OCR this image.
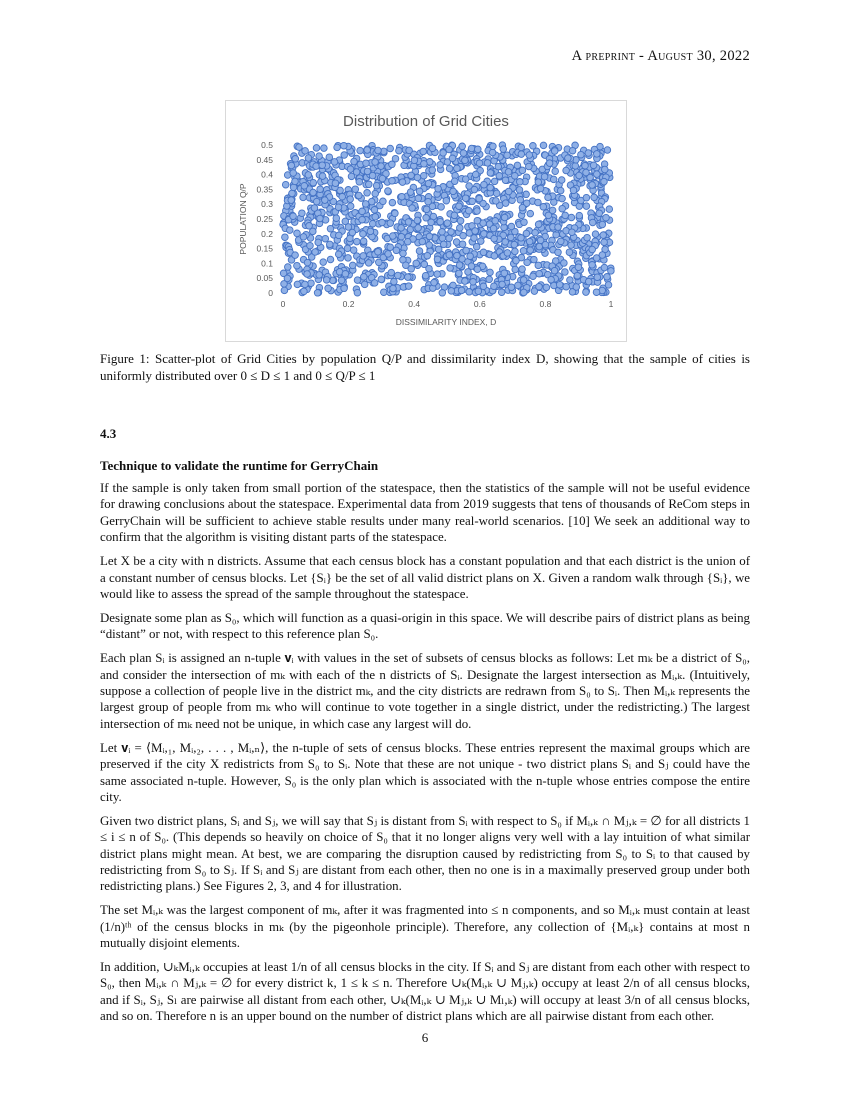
A preprint - August 30, 2022
Distribution of Grid Cities
POPULATION Q/P
DISSIMILARITY INDEX, D
0
0.05
0.1
0.15
0.2
0.25
0.3
0.35
0.4
0.45
0.5
0	0.2	0.4	0.6	0.8	1
Figure 1: Scatter-plot of Grid Cities by population Q/P and dissimilarity index D, showing that the sample of cities is uniformly distributed over 0 ≤ D ≤ 1 and 0 ≤ Q/P ≤ 1
4.3
Technique to validate the runtime for GerryChain

If the sample is only taken from small portion of the statespace, then the statistics of the sample will not be useful evidence for drawing conclusions about the statespace. Experimental data from 2019 suggests that tens of thousands of ReCom steps in GerryChain will be sufficient to achieve stable results under many real-world scenarios. [10] We seek an additional way to confirm that the algorithm is visiting distant parts of the statespace.

Let X be a city with n districts. Assume that each census block has a constant population and that each district is the union of a constant number of census blocks. Let {Sᵢ} be the set of all valid district plans on X. Given a random walk through {Sᵢ}, we would like to assess the spread of the sample throughout the statespace.

Designate some plan as S₀, which will function as a quasi-origin in this space. We will describe pairs of district plans as being “distant” or not, with respect to this reference plan S₀.

Each plan Sᵢ is assigned an n-tuple 𝐯ᵢ with values in the set of subsets of census blocks as follows: Let mₖ be a district of S₀, and consider the intersection of mₖ with each of the n districts of Sᵢ. Designate the largest intersection as Mᵢ,ₖ. (Intuitively, suppose a collection of people live in the district mₖ, and the city districts are redrawn from S₀ to Sᵢ. Then Mᵢ,ₖ represents the largest group of people from mₖ who will continue to vote together in a single district, under the redistricting.) The largest intersection of mₖ need not be unique, in which case any largest will do.

Let 𝐯ᵢ = ⟨Mᵢ,₁, Mᵢ,₂, . . . , Mᵢ,ₙ⟩, the n-tuple of sets of census blocks. These entries represent the maximal groups which are preserved if the city X redistricts from S₀ to Sᵢ. Note that these are not unique - two district plans Sᵢ and Sⱼ could have the same associated n-tuple. However, S₀ is the only plan which is associated with the n-tuple whose entries compose the entire city.

Given two district plans, Sᵢ and Sⱼ, we will say that Sⱼ is distant from Sᵢ with respect to S₀ if Mᵢ,ₖ ∩ Mⱼ,ₖ = ∅ for all districts 1 ≤ i ≤ n of S₀. (This depends so heavily on choice of S₀ that it no longer aligns very well with a lay intuition of what similar district plans might mean. At best, we are comparing the disruption caused by redistricting from S₀ to Sᵢ to that caused by redistricting from S₀ to Sⱼ. If Sᵢ and Sⱼ are distant from each other, then no one is in a maximally preserved group under both redistricting plans.) See Figures 2, 3, and 4 for illustration.

The set Mᵢ,ₖ was the largest component of mₖ, after it was fragmented into ≤ n components, and so Mᵢ,ₖ must contain at least (1/n)ᵗʰ of the census blocks in mₖ (by the pigeonhole principle). Therefore, any collection of {Mᵢ,ₖ} contains at most n mutually disjoint elements.

In addition, ∪ₖMᵢ,ₖ occupies at least 1/n of all census blocks in the city. If Sᵢ and Sⱼ are distant from each other with respect to S₀, then Mᵢ,ₖ ∩ Mⱼ,ₖ = ∅ for every district k, 1 ≤ k ≤ n. Therefore ∪ₖ(Mᵢ,ₖ ∪ Mⱼ,ₖ) occupy at least 2/n of all census blocks, and if Sᵢ, Sⱼ, Sₗ are pairwise all distant from each other, ∪ₖ(Mᵢ,ₖ ∪ Mⱼ,ₖ ∪ Mₗ,ₖ) will occupy at least 3/n of all census blocks, and so on. Therefore n is an upper bound on the number of district plans which are all pairwise distant from each other.

6
